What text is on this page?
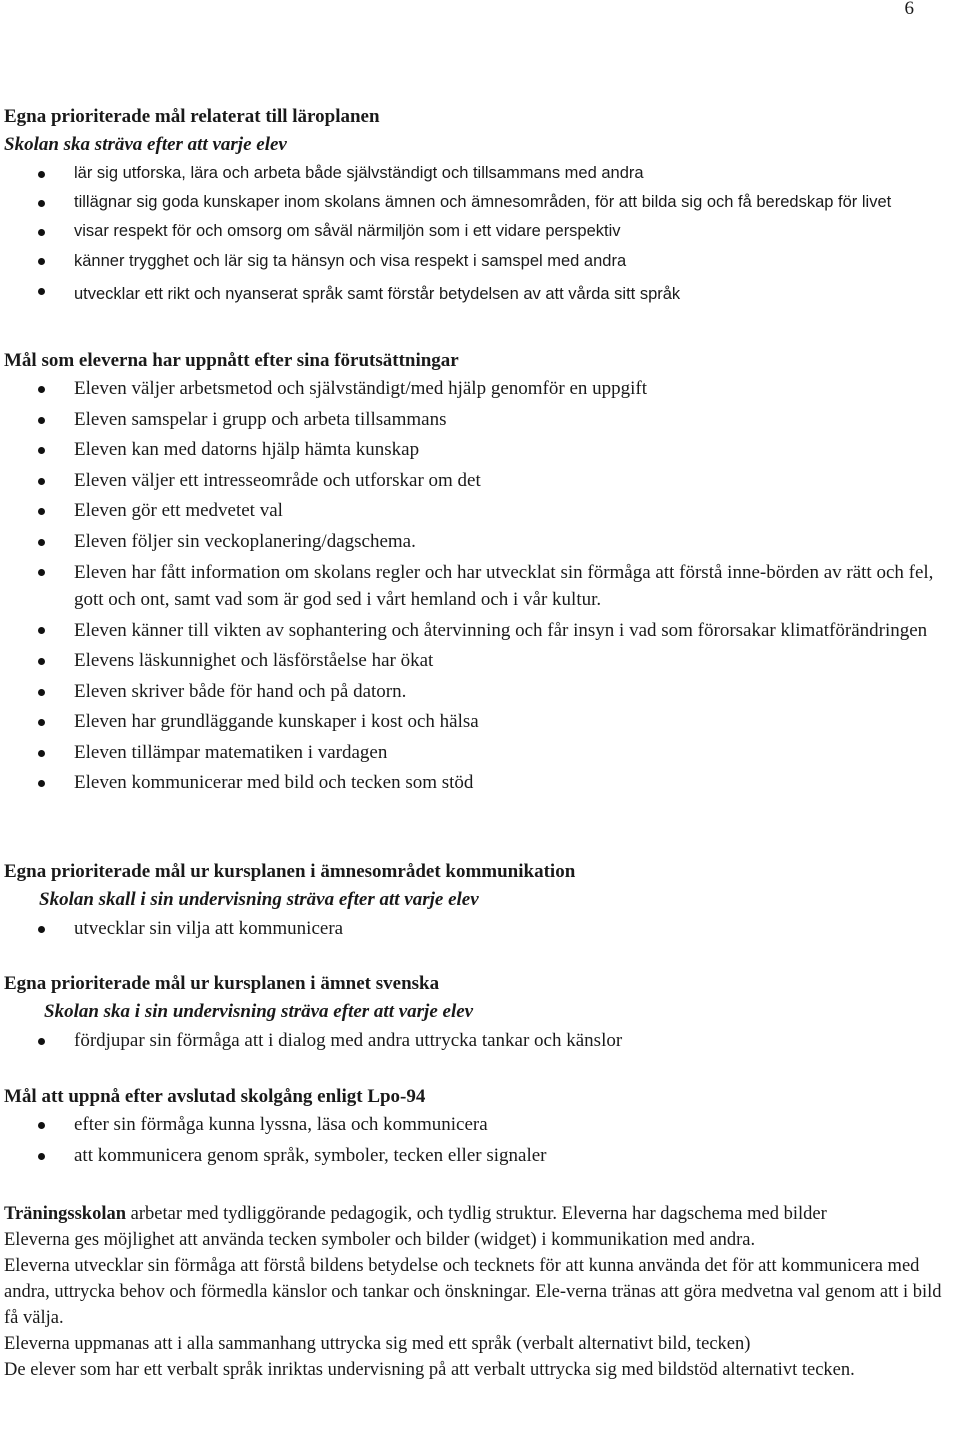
6
Egna prioriterade mål relaterat till läroplanen
Skolan ska sträva efter att varje elev
lär sig utforska, lära och arbeta både självständigt och tillsammans med andra
tillägnar sig goda kunskaper inom skolans ämnen och ämnesområden, för att bilda sig och få beredskap för livet
visar respekt för och omsorg om såväl närmiljön som i ett vidare perspektiv
känner trygghet och lär sig ta hänsyn och visa respekt i samspel med andra
utvecklar ett rikt och nyanserat språk samt förstår betydelsen av att vårda sitt språk
Mål som eleverna har uppnått efter sina förutsättningar
Eleven väljer arbetsmetod och självständigt/med hjälp genomför en uppgift
Eleven samspelar i grupp och arbeta tillsammans
Eleven kan med datorns hjälp hämta kunskap
Eleven väljer ett intresseområde och utforskar om det
Eleven gör ett medvetet val
Eleven följer sin veckoplanering/dagschema.
Eleven har fått information om skolans regler och har utvecklat sin förmåga att förstå inne-börden av rätt och fel, gott och ont, samt vad som är god sed i vårt hemland och i vår kultur.
Eleven känner till vikten av sophantering och återvinning och får insyn i vad som förorsakar klimatförändringen
Elevens läskunnighet och läsförståelse har ökat
Eleven skriver både för hand och på datorn.
Eleven har grundläggande kunskaper i kost och hälsa
Eleven tillämpar matematiken i vardagen
Eleven kommunicerar med bild och tecken som stöd
Egna prioriterade mål ur kursplanen i ämnesområdet kommunikation
Skolan skall i sin undervisning sträva efter att varje elev
utvecklar sin vilja att kommunicera
Egna prioriterade mål ur kursplanen i ämnet svenska
Skolan ska i sin undervisning sträva efter att varje elev
fördjupar sin förmåga att i dialog med andra uttrycka tankar och känslor
Mål att uppnå efter avslutad skolgång enligt Lpo-94
efter sin förmåga kunna lyssna, läsa och kommunicera
att kommunicera genom språk, symboler, tecken eller signaler

Träningsskolan arbetar med tydliggörande pedagogik, och tydlig struktur. Eleverna har dagschema med bilder

Eleverna ges möjlighet att använda tecken symboler och bilder (widget) i kommunikation med andra.

Eleverna utvecklar sin förmåga att förstå bildens betydelse och tecknets för att kunna använda det för att kommunicera med andra, uttrycka behov och förmedla känslor och tankar och önskningar. Ele-verna tränas att göra medvetna val genom att i bild få välja.

Eleverna uppmanas att i alla sammanhang uttrycka sig med ett språk (verbalt alternativt bild, tecken)

De elever som har ett verbalt språk inriktas undervisning på att verbalt uttrycka sig med bildstöd alternativt tecken.
